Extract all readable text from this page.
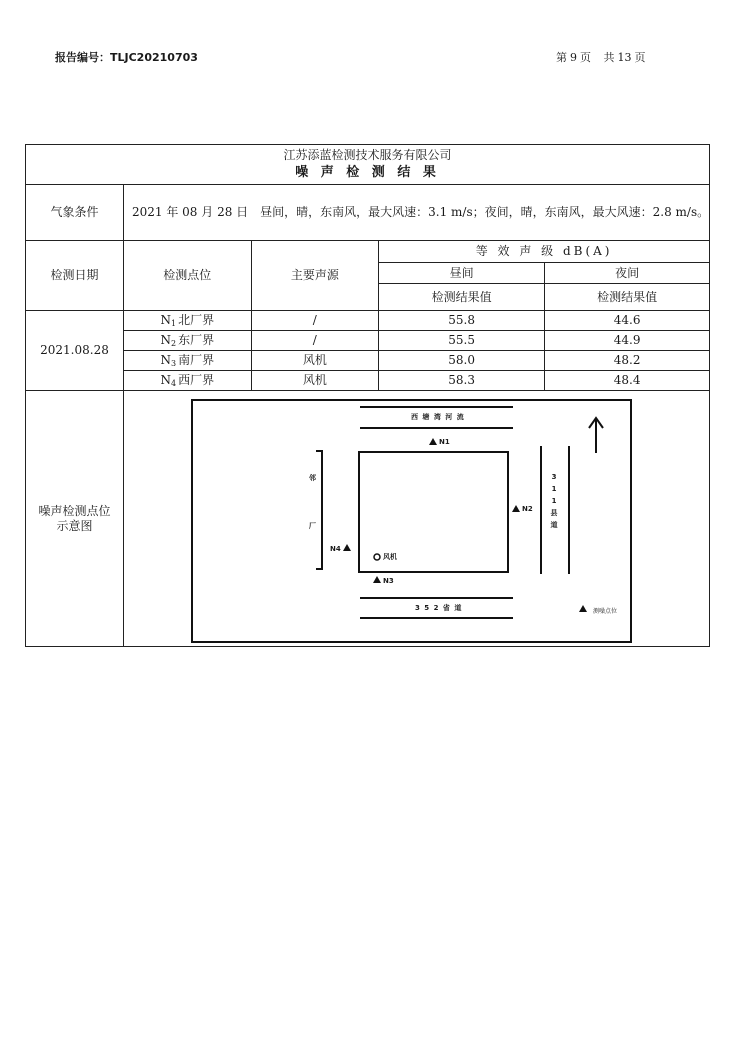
报告编号：TLJC20210703	第 9 页 共 13 页
江苏添蓝检测技术服务有限公司
噪 声 检 测 结 果				

气象条件	2021 年 08 月 28 日　昼间，晴，东南风，最大风速：3.1 m/s；夜间，晴，东南风，最大风速：2.8 m/s。			
检测日期	检测点位	主要声源	等 效 声 级 dB(A)	
			昼间	夜间
			检测结果值	检测结果值
2021.08.28	$N_1$ 北厂界	/	55.8	44.6
	$N_2$ 东厂界	/	55.5	44.9
	$N_3$ 南厂界	风机	58.0	48.2
	$N_4$ 西厂界	风机	58.3	48.4

噪声检测点位
示意图				

西 塘 湾 河 流
3 5 2 省 道
3
1
1
县
道
邻
厂
N1
N2
N3
N4
风机
测噪点位
